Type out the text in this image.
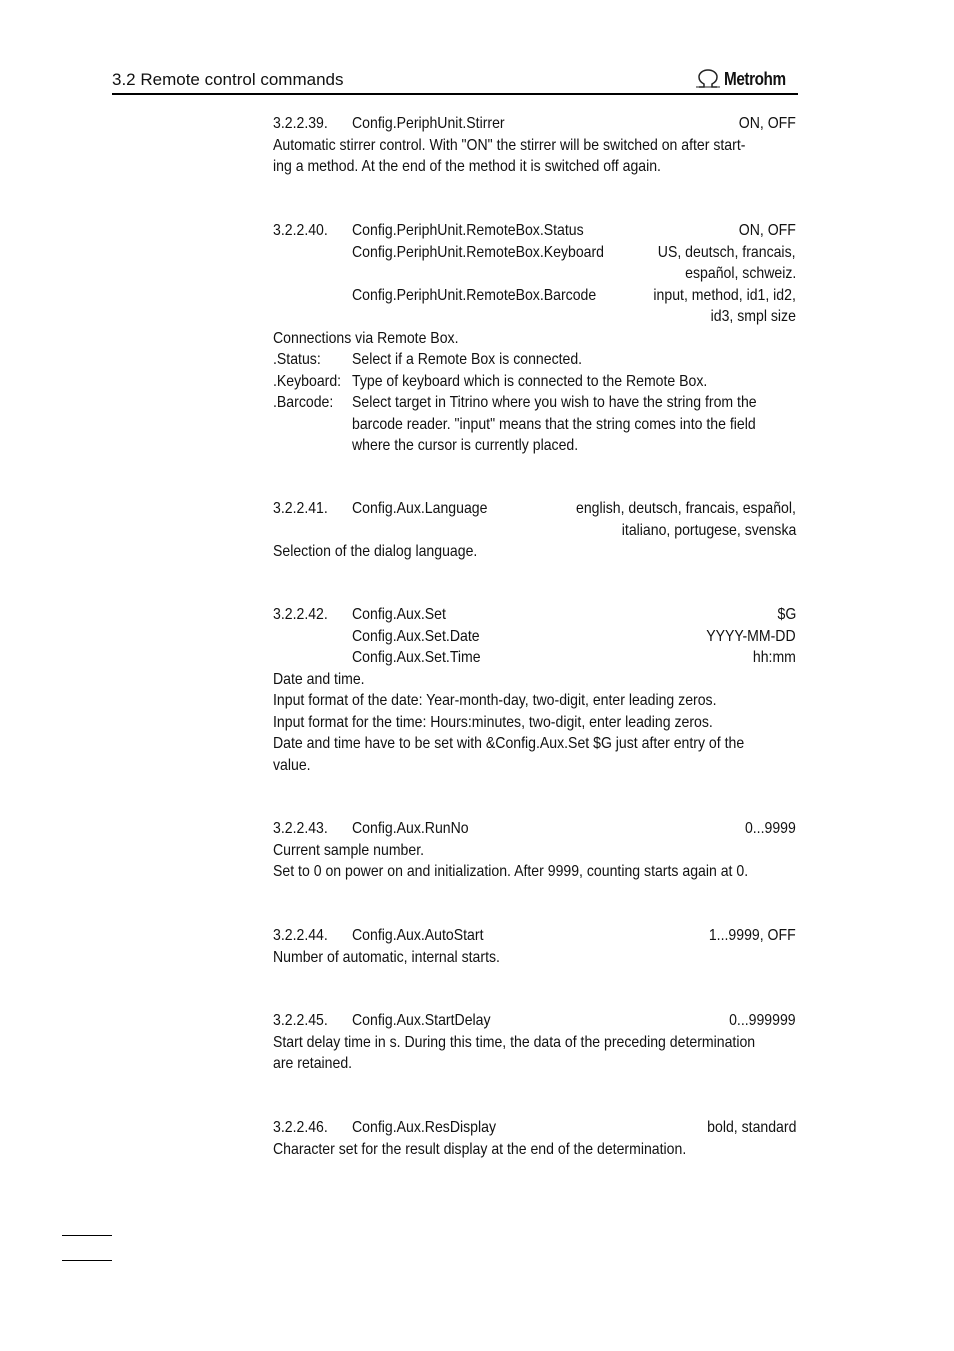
3.2 Remote control commands	Metrohm
3.2.2.39. Config.PeriphUnit.Stirrer	ON, OFF
Automatic stirrer control. With "ON" the stirrer will be switched on after start-
ing a method. At the end of the method it is switched off again.
3.2.2.40. Config.PeriphUnit.RemoteBox.Status	ON, OFF
Config.PeriphUnit.RemoteBox.Keyboard	US, deutsch, francais,
español, schweiz.
Config.PeriphUnit.RemoteBox.Barcode	input, method, id1, id2,
id3, smpl size
Connections via Remote Box.
.Status: Select if a Remote Box is connected.
.Keyboard: Type of keyboard which is connected to the Remote Box.
.Barcode: Select target in Titrino where you wish to have the string from the
barcode reader. "input" means that the string comes into the field
where the cursor is currently placed.
3.2.2.41. Config.Aux.Language	english, deutsch, francais, español,
italiano, portugese, svenska
Selection of the dialog language.
3.2.2.42. Config.Aux.Set	$G
Config.Aux.Set.Date	YYYY-MM-DD
Config.Aux.Set.Time	hh:mm
Date and time.
Input format of the date: Year-month-day, two-digit, enter leading zeros.
Input format for the time: Hours:minutes, two-digit, enter leading zeros.
Date and time have to be set with &Config.Aux.Set $G just after entry of the
value.
3.2.2.43. Config.Aux.RunNo	0...9999
Current sample number.
Set to 0 on power on and initialization. After 9999, counting starts again at 0.
3.2.2.44. Config.Aux.AutoStart	1...9999, OFF
Number of automatic, internal starts.
3.2.2.45. Config.Aux.StartDelay	0...999999
Start delay time in s. During this time, the data of the preceding determination
are retained.
3.2.2.46. Config.Aux.ResDisplay	bold, standard
Character set for the result display at the end of the determination.
